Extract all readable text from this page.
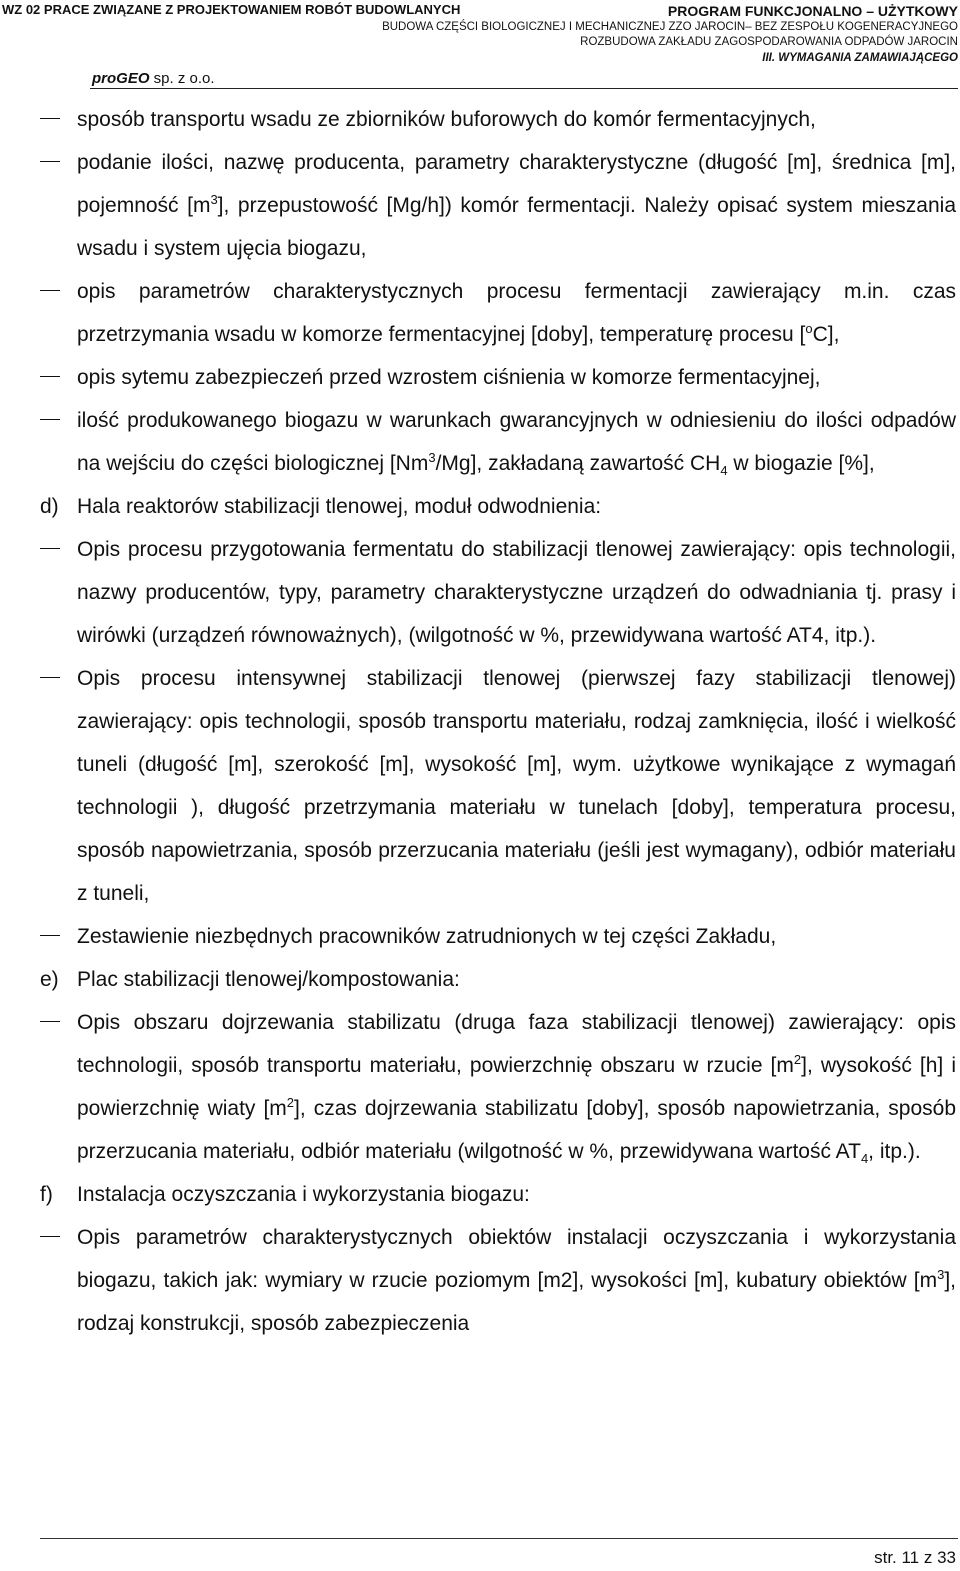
WZ 02 PRACE ZWIĄZANE Z PROJEKTOWANIEM ROBÓT BUDOWLANYCH	PROGRAM FUNKCJONALNO – UŻYTKOWY
BUDOWA CZĘŚCI BIOLOGICZNEJ I MECHANICZNEJ ZZO JAROCIN– BEZ ZESPOŁU KOGENERACYJNEGO
ROZBUDOWA ZAKŁADU ZAGOSPODAROWANIA ODPADÓW JAROCIN
III. WYMAGANIA ZAMAWIAJĄCEGO
proGEO sp. z o.o.
sposób transportu wsadu ze zbiorników buforowych do komór fermentacyjnych,
podanie ilości, nazwę producenta, parametry charakterystyczne (długość [m], średnica [m], pojemność $[m^3]$, przepustowość [Mg/h]) komór fermentacji. Należy opisać system mieszania wsadu i system ujęcia biogazu,
opis parametrów charakterystycznych procesu fermentacji zawierający m.in. czas przetrzymania wsadu w komorze fermentacyjnej [doby], temperaturę procesu [$^o$C],
opis sytemu zabezpieczeń przed wzrostem ciśnienia w komorze fermentacyjnej,
ilość produkowanego biogazu w warunkach gwarancyjnych w odniesieniu do ilości odpadów na wejściu do części biologicznej [Nm$^3$/Mg], zakładaną zawartość $CH_4$ w biogazie [%],
d) Hala reaktorów stabilizacji tlenowej, moduł odwodnienia:
Opis procesu przygotowania fermentatu do stabilizacji tlenowej zawierający: opis technologii, nazwy producentów, typy, parametry charakterystyczne urządzeń do odwadniania tj. prasy i wirówki (urządzeń równoważnych), (wilgotność w %, przewidywana wartość AT4, itp.).
Opis procesu intensywnej stabilizacji tlenowej (pierwszej fazy stabilizacji tlenowej) zawierający: opis technologii, sposób transportu materiału, rodzaj zamknięcia, ilość i wielkość tuneli (długość [m], szerokość [m], wysokość [m], wym. użytkowe wynikające z wymagań technologii ), długość przetrzymania materiału w tunelach [doby], temperatura procesu, sposób napowietrzania, sposób przerzucania materiału (jeśli jest wymagany), odbiór materiału z tuneli,
Zestawienie niezbędnych pracowników zatrudnionych w tej części Zakładu,
e) Plac stabilizacji tlenowej/kompostowania:
Opis obszaru dojrzewania stabilizatu (druga faza stabilizacji tlenowej) zawierający: opis technologii, sposób transportu materiału, powierzchnię obszaru w rzucie $[m^2]$, wysokość [h] i powierzchnię wiaty $[m^2]$, czas dojrzewania stabilizatu [doby], sposób napowietrzania, sposób przerzucania materiału, odbiór materiału (wilgotność w %, przewidywana wartość $AT_4$, itp.).
f) Instalacja oczyszczania i wykorzystania biogazu:
Opis parametrów charakterystycznych obiektów instalacji oczyszczania i wykorzystania biogazu, takich jak: wymiary w rzucie poziomym [m2], wysokości [m], kubatury obiektów $[m^3]$, rodzaj konstrukcji, sposób zabezpieczenia
str. 11 z 33
